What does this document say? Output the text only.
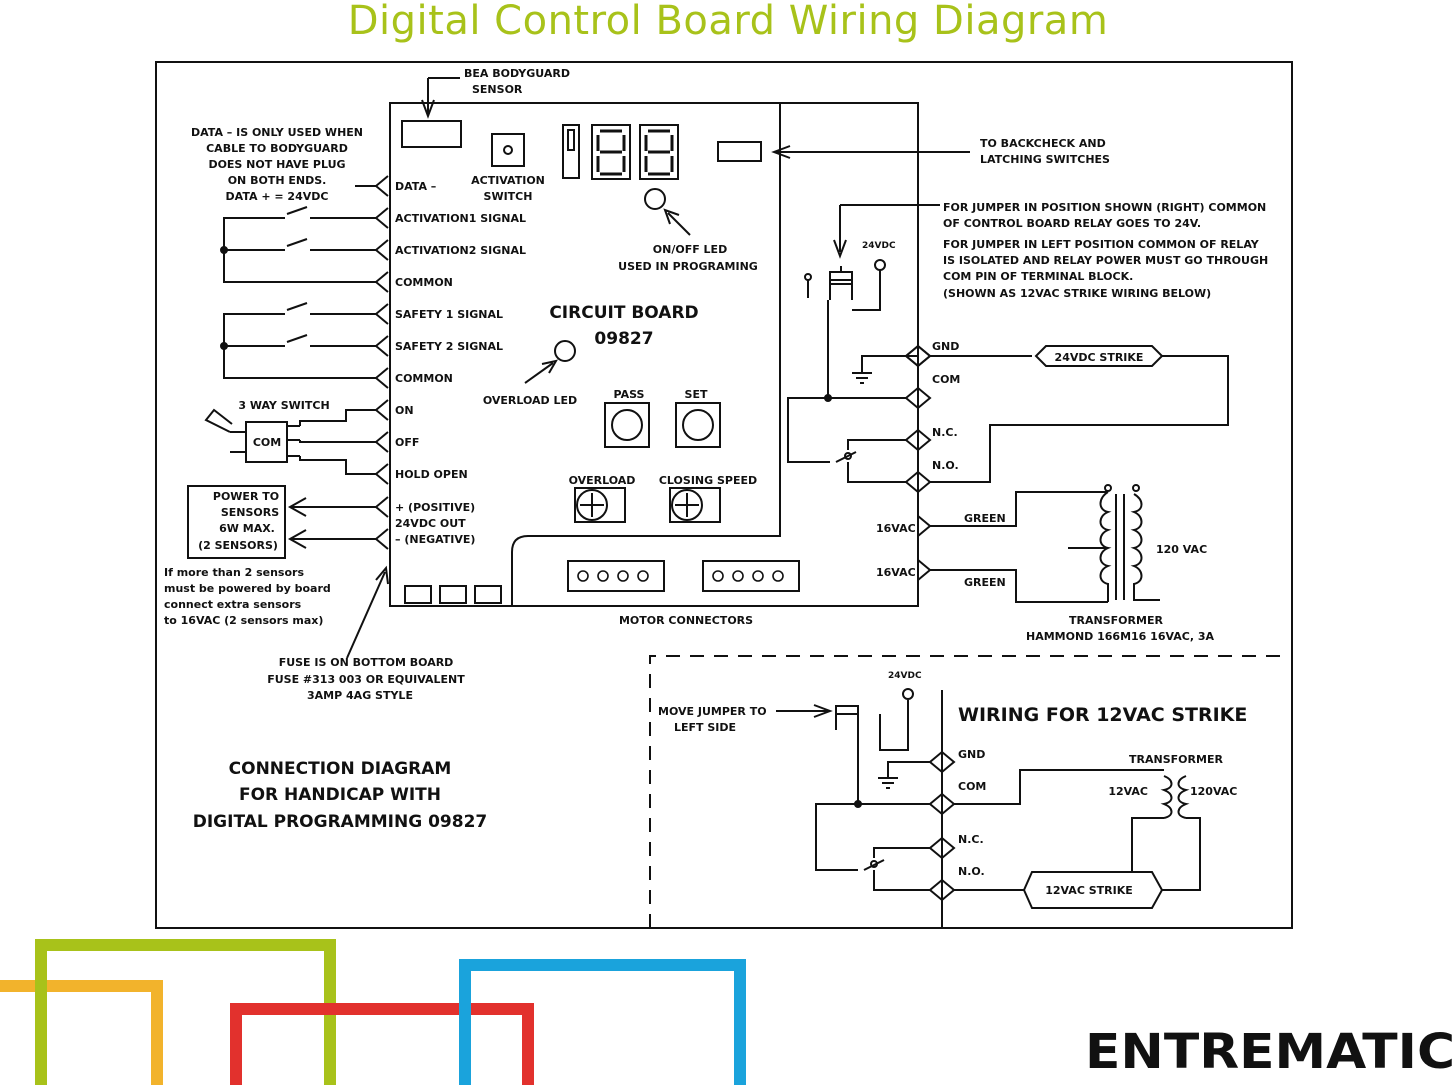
Digital Control Board Wiring Diagram
BEA BODYGUARD
SENSOR
DATA – IS ONLY USED WHEN
CABLE TO BODYGUARD
DOES NOT HAVE PLUG
ON BOTH ENDS.
DATA + = 24VDC
ACTIVATION
SWITCH
ON/OFF LED
USED IN PROGRAMING
CIRCUIT BOARD
09827
OVERLOAD LED	PASS	SET
OVERLOAD CLOSING SPEED
MOTOR CONNECTORS
TO BACKCHECK AND
LATCHING SWITCHES
FOR JUMPER IN POSITION SHOWN (RIGHT) COMMON
OF CONTROL BOARD RELAY GOES TO 24V.
FOR JUMPER IN LEFT POSITION COMMON OF RELAY
IS ISOLATED AND RELAY POWER MUST GO THROUGH
COM PIN OF TERMINAL BLOCK.
(SHOWN AS 12VAC STRIKE WIRING BELOW)
24VDC
GND
COM
N.C.
N.O.
24VDC STRIKE
16VAC
16VAC
GREEN
GREEN
120 VAC
TRANSFORMER
HAMMOND 166M16 16VAC, 3A
DATA –
ACTIVATION1 SIGNAL
ACTIVATION2 SIGNAL
COMMON
SAFETY 1 SIGNAL
SAFETY 2 SIGNAL
COMMON
ON
OFF
HOLD OPEN
+ (POSITIVE)
24VDC OUT
– (NEGATIVE)
3 WAY SWITCH
COM
POWER TO
SENSORS
6W MAX.
(2 SENSORS)
If more than 2 sensors
must be powered by board
connect extra sensors
to 16VAC (2 sensors max)
FUSE IS ON BOTTOM BOARD
FUSE #313 003 OR EQUIVALENT
3AMP 4AG STYLE
CONNECTION DIAGRAM
FOR HANDICAP WITH
DIGITAL PROGRAMMING 09827
MOVE JUMPER TO
LEFT SIDE
24VDC
WIRING FOR 12VAC STRIKE
GND
COM
N.C.
N.O.
TRANSFORMER
12VAC	120VAC
12VAC STRIKE
ENTREMATIC
